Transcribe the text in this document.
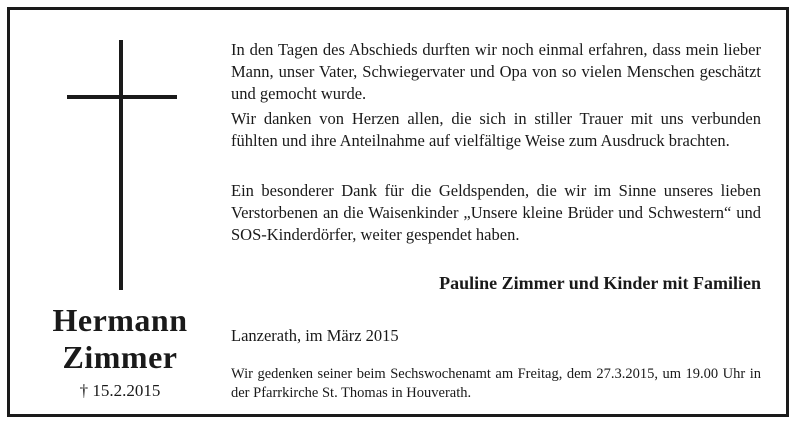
Hermann
Zimmer
† 15.2.2015

In den Tagen des Abschieds durften wir noch einmal erfahren, dass mein lieber Mann, unser Vater, Schwiegervater und Opa von so vielen Menschen geschätzt und gemocht wurde.

Wir danken von Herzen allen, die sich in stiller Trauer mit uns verbunden fühlten und ihre Anteilnahme auf vielfältige Weise zum Ausdruck brachten.

Ein besonderer Dank für die Geldspenden, die wir im Sinne unseres lieben Verstorbenen an die Waisenkinder „Unsere kleine Brüder und Schwestern“ und SOS-Kinderdörfer, weiter gespendet haben.

Pauline Zimmer und Kinder mit Familien
Lanzerath, im März 2015

Wir gedenken seiner beim Sechswochenamt am Freitag, dem 27.3.2015, um 19.00 Uhr in der Pfarrkirche St. Thomas in Houverath.
